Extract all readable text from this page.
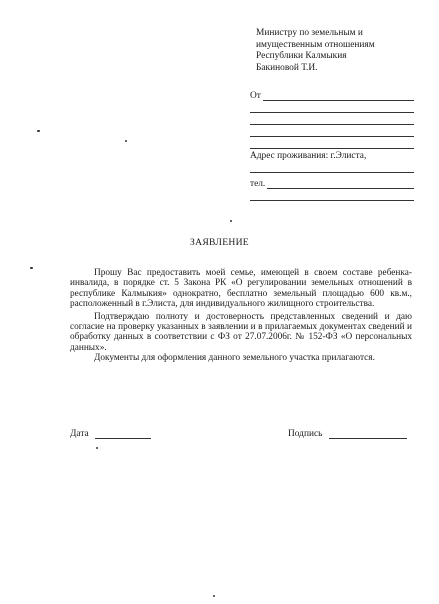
Министру по земельным и
имущественным отношениям
Республики Калмыкия
Бакиновой Т.И.
От
Адрес проживания: г.Элиста,
тел.
ЗАЯВЛЕНИЕ

Прошу Вас предоставить моей семье, имеющей в своем составе ребенка-инвалида, в порядке ст. 5 Закона РК «О регулировании земельных отношений в республике Калмыкия» однократно, бесплатно земельный площадью 600 кв.м., расположенный в г.Элиста, для индивидуального жилищного строительства.

Подтверждаю полноту и достоверность представленных сведений и даю согласие на проверку указанных в заявлении и в прилагаемых документах сведений и обработку данных в соответствии с ФЗ от 27.07.2006г. № 152-ФЗ «О персональных данных».

Документы для оформления данного земельного участка прилагаются.

Дата	Подпись
